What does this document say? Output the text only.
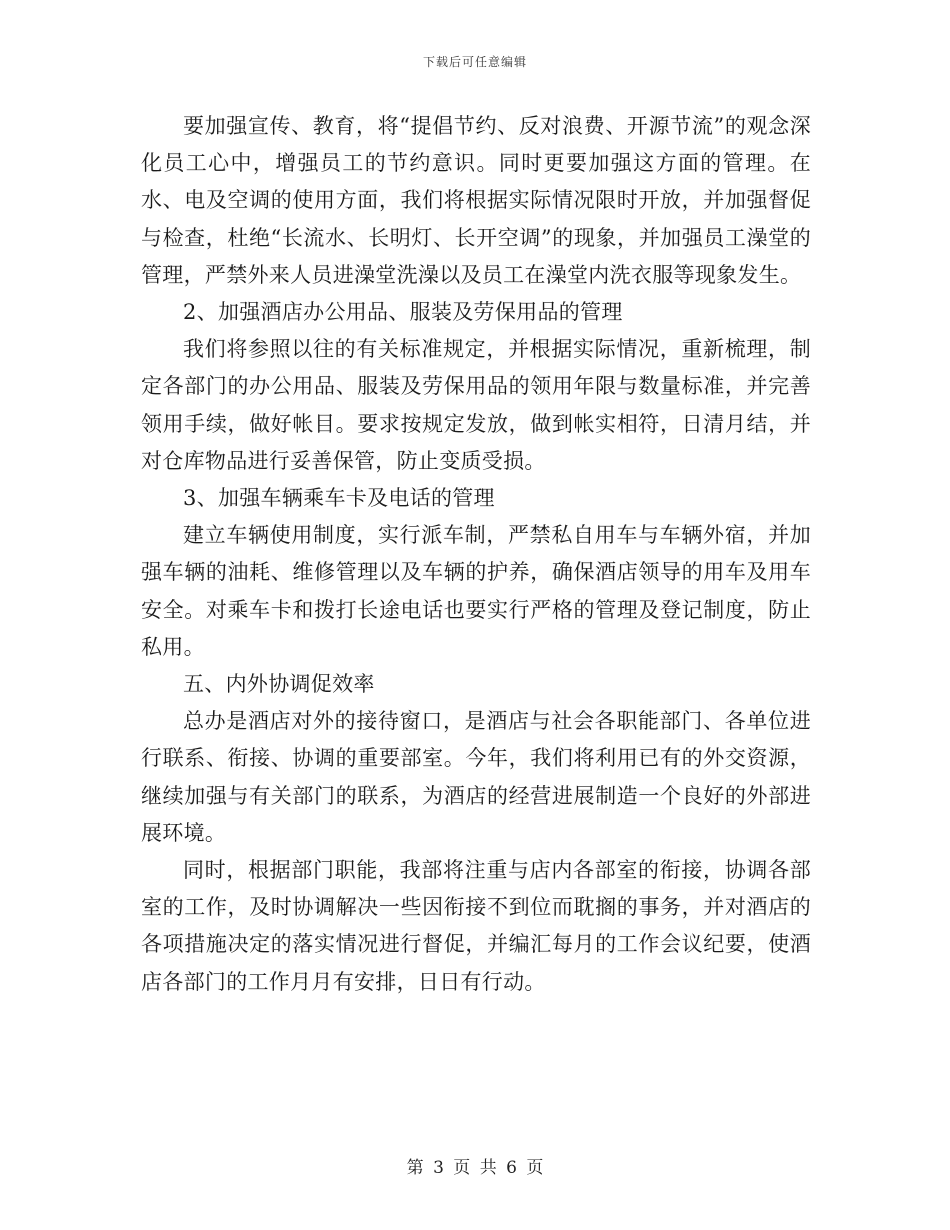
下载后可任意编辑

要加强宣传、教育，将“提倡节约、反对浪费、开源节流”的观念深化员工心中，增强员工的节约意识。同时更要加强这方面的管理。在水、电及空调的使用方面，我们将根据实际情况限时开放，并加强督促与检查，杜绝“长流水、长明灯、长开空调”的现象，并加强员工澡堂的管理，严禁外来人员进澡堂洗澡以及员工在澡堂内洗衣服等现象发生。

2、加强酒店办公用品、服装及劳保用品的管理

我们将参照以往的有关标准规定，并根据实际情况，重新梳理，制定各部门的办公用品、服装及劳保用品的领用年限与数量标准，并完善领用手续，做好帐目。要求按规定发放，做到帐实相符，日清月结，并对仓库物品进行妥善保管，防止变质受损。

3、加强车辆乘车卡及电话的管理

建立车辆使用制度，实行派车制，严禁私自用车与车辆外宿，并加强车辆的油耗、维修管理以及车辆的护养，确保酒店领导的用车及用车安全。对乘车卡和拨打长途电话也要实行严格的管理及登记制度，防止私用。

五、内外协调促效率

总办是酒店对外的接待窗口，是酒店与社会各职能部门、各单位进行联系、衔接、协调的重要部室。今年，我们将利用已有的外交资源，继续加强与有关部门的联系，为酒店的经营进展制造一个良好的外部进展环境。

同时，根据部门职能，我部将注重与店内各部室的衔接，协调各部室的工作，及时协调解决一些因衔接不到位而耽搁的事务，并对酒店的各项措施决定的落实情况进行督促，并编汇每月的工作会议纪要，使酒店各部门的工作月月有安排，日日有行动。

第 3 页 共 6 页
